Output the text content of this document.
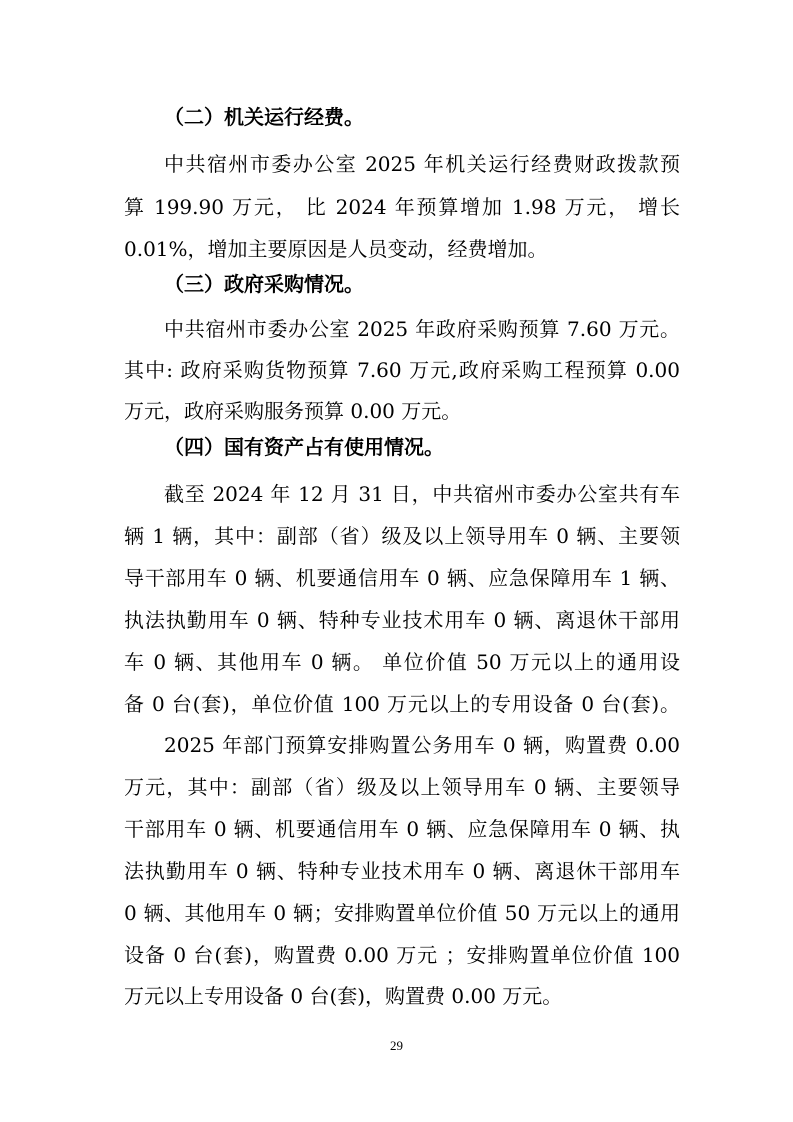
（二）机关运行经费。
中共宿州市委办公室 2025 年机关运行经费财政拨款预
算 199.90 万元， 比 2024 年预算增加 1.98 万元， 增长
0.01%，增加主要原因是人员变动，经费增加。
（三）政府采购情况。
中共宿州市委办公室 2025 年政府采购预算 7.60 万元。
其中: 政府采购货物预算 7.60 万元,政府采购工程预算 0.00
万元，政府采购服务预算 0.00 万元。
（四）国有资产占有使用情况。
截至 2024 年 12 月 31 日，中共宿州市委办公室共有车
辆 1 辆，其中：副部（省）级及以上领导用车 0 辆、主要领
导干部用车 0 辆、机要通信用车 0 辆、应急保障用车 1 辆、
执法执勤用车 0 辆、特种专业技术用车 0 辆、离退休干部用
车 0 辆、其他用车 0 辆。 单位价值 50 万元以上的通用设
备 0 台(套)，单位价值 100 万元以上的专用设备 0 台(套)。
2025 年部门预算安排购置公务用车 0 辆，购置费 0.00
万元，其中：副部（省）级及以上领导用车 0 辆、主要领导
干部用车 0 辆、机要通信用车 0 辆、应急保障用车 0 辆、执
法执勤用车 0 辆、特种专业技术用车 0 辆、离退休干部用车
0 辆、其他用车 0 辆；安排购置单位价值 50 万元以上的通用
设备 0 台(套)，购置费 0.00 万元 ；安排购置单位价值 100
万元以上专用设备 0 台(套)，购置费 0.00 万元。
29
